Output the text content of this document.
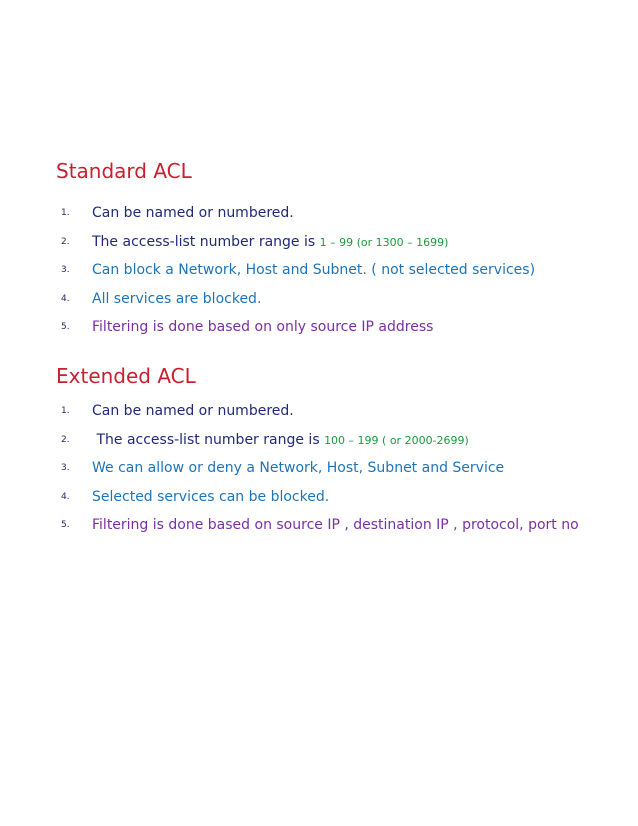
Standard ACL
1. Can be named or numbered.
2. The access-list number range is 1 – 99 (or 1300 – 1699)
3. Can block a Network, Host and Subnet. ( not selected services)
4. All services are blocked.
5. Filtering is done based on only source IP address
Extended ACL
1. Can be named or numbered.
2. The access-list number range is 100 – 199 ( or 2000-2699)
3. We can allow or deny a Network, Host, Subnet and Service
4. Selected services can be blocked.
5. Filtering is done based on source IP , destination IP , protocol, port no
